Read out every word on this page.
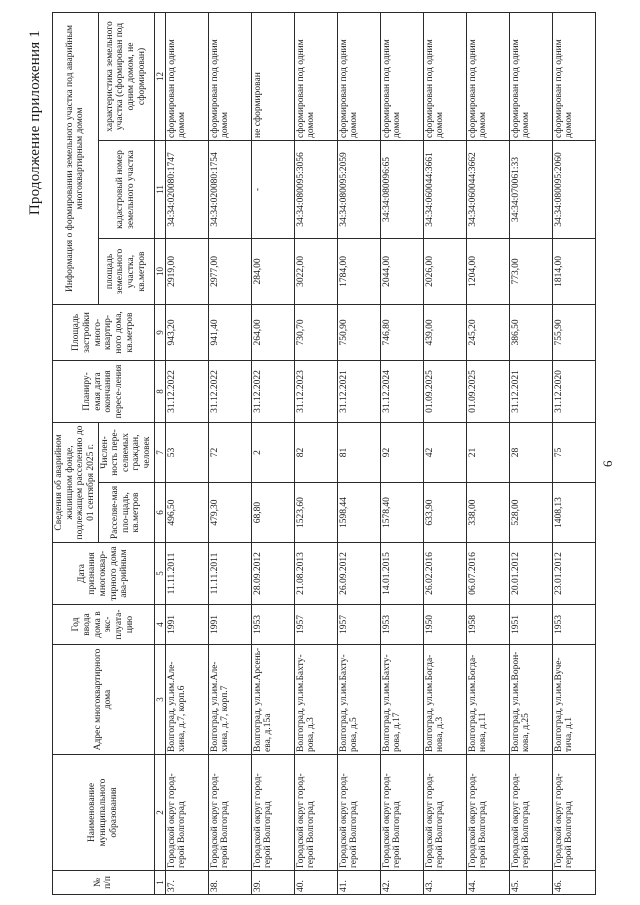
6
Продолжение приложения 1
№ п/п	Наименование муниципального образования	Адрес многоквартирного дома	Год ввода дома в экс-плуата-цию	Дата признания многоквар-тирного дома ава-рийным	Сведения об аварийном жилищном фонде, подлежащем расселению до 01 сентября 2025 г.		Планиру-емая дата окончания пересе-ления	Площадь застройки много-квартир-ного дома, кв.метров	Информация о формировании земельного участка под аварийным многоквартирным домом		
					Расселяе-мая пло-щадь, кв.метров	Числен-ность пере-селяемых граждан, человек			площадь земельного участка, кв.метров	кадастровый номер земельного участка	характеристика земельного участка (сформирован под одним домом, не сформирован)
1	2	3	4	5	6	7	8	9	10	11	12
37.	Городской округ город-герой Волгоград	Волгоград, ул.им.Але-хина, д.7, корп.6	1991	11.11.2011	496,50	53	31.12.2022	943,20	2919,00	34:34:020080:1747	сформирован под одним домом
38.	Городской округ город-герой Волгоград	Волгоград, ул.им.Але-хина, д.7, корп.7	1991	11.11.2011	479,30	72	31.12.2022	941,40	2977,00	34:34:020080:1754	сформирован под одним домом
39.	Городской округ город-герой Волгоград	Волгоград, ул.им.Арсень-ева, д.15а	1953	28.09.2012	68,80	2	31.12.2022	264,00	284,00	-	не сформирован
40.	Городской округ город-герой Волгоград	Волгоград, ул.им.Бахту-рова, д.3	1957	21.08.2013	1523,60	82	31.12.2023	730,70	3022,00	34:34:080095:3056	сформирован под одним домом
41.	Городской округ город-герой Волгоград	Волгоград, ул.им.Бахту-рова, д.5	1957	26.09.2012	1598,44	81	31.12.2021	750,90	1784,00	34:34:080095:2059	сформирован под одним домом
42.	Городской округ город-герой Волгоград	Волгоград, ул.им.Бахту-рова, д.17	1953	14.01.2015	1578,40	92	31.12.2024	746,80	2044,00	34:34:080096:65	сформирован под одним домом
43.	Городской округ город-герой Волгоград	Волгоград, ул.им.Богда-нова, д.3	1950	26.02.2016	633,90	42	01.09.2025	439,00	2026,00	34:34:060044:3661	сформирован под одним домом
44.	Городской округ город-герой Волгоград	Волгоград, ул.им.Богда-нова, д.11	1958	06.07.2016	338,00	21	01.09.2025	245,20	1204,00	34:34:060044:3662	сформирован под одним домом
45.	Городской округ город-герой Волгоград	Волгоград, ул.им.Ворон-кова, д.25	1951	20.01.2012	528,00	28	31.12.2021	386,50	773,00	34:34:070061:33	сформирован под одним домом
46.	Городской округ город-герой Волгоград	Волгоград, ул.им.Вуче-тича, д.1	1953	23.01.2012	1408,13	75	31.12.2020	755,90	1814,00	34:34:080095:2060	сформирован под одним домом
